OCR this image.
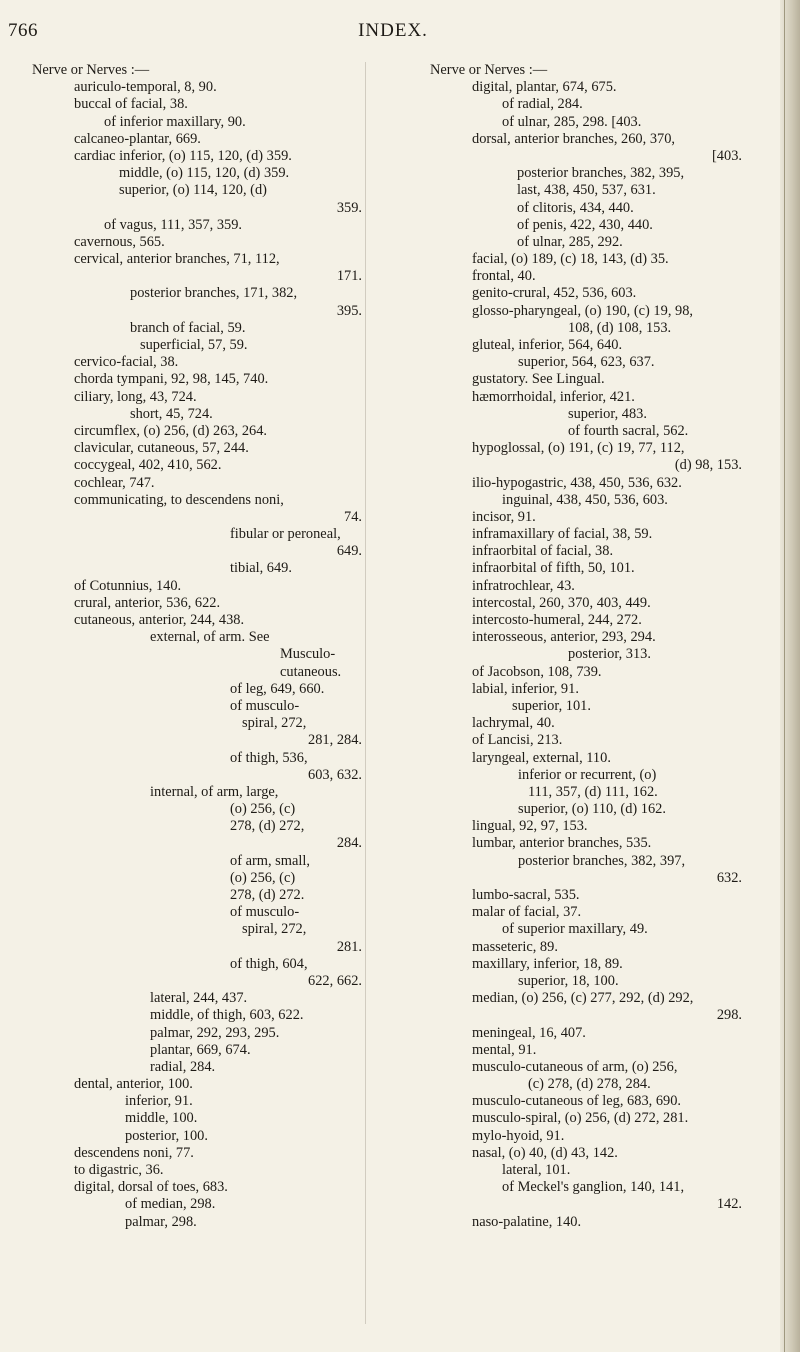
766	INDEX.
Nerve or Nerves :—
auriculo-temporal, 8, 90.
buccal of facial, 38.
of inferior maxillary, 90.
calcaneo-plantar, 669.
cardiac inferior, (o) 115, 120, (d) 359.
middle, (o) 115, 120, (d) 359.
superior, (o) 114, 120, (d)
359.
of vagus, 111, 357, 359.
cavernous, 565.
cervical, anterior branches, 71, 112,
171.
posterior branches, 171, 382,
395.
branch of facial, 59.
superficial, 57, 59.
cervico-facial, 38.
chorda tympani, 92, 98, 145, 740.
ciliary, long, 43, 724.
short, 45, 724.
circumflex, (o) 256, (d) 263, 264.
clavicular, cutaneous, 57, 244.
coccygeal, 402, 410, 562.
cochlear, 747.
communicating, to descendens noni,
74.
fibular or peroneal,
649.
tibial, 649.
of Cotunnius, 140.
crural, anterior, 536, 622.
cutaneous, anterior, 244, 438.
external, of arm. See
Musculo-
cutaneous.
of leg, 649, 660.
of musculo-
spiral, 272,
281, 284.
of thigh, 536,
603, 632.
internal, of arm, large,
(o) 256, (c)
278, (d) 272,
284.
of arm, small,
(o) 256, (c)
278, (d) 272.
of musculo-
spiral, 272,
281.
of thigh, 604,
622, 662.
lateral, 244, 437.
middle, of thigh, 603, 622.
palmar, 292, 293, 295.
plantar, 669, 674.
radial, 284.
dental, anterior, 100.
inferior, 91.
middle, 100.
posterior, 100.
descendens noni, 77.
to digastric, 36.
digital, dorsal of toes, 683.
of median, 298.
palmar, 298.
Nerve or Nerves :—
digital, plantar, 674, 675.
of radial, 284.
of ulnar, 285, 298. [403.
dorsal, anterior branches, 260, 370,
[403.
posterior branches, 382, 395,
last, 438, 450, 537, 631.
of clitoris, 434, 440.
of penis, 422, 430, 440.
of ulnar, 285, 292.
facial, (o) 189, (c) 18, 143, (d) 35.
frontal, 40.
genito-crural, 452, 536, 603.
glosso-pharyngeal, (o) 190, (c) 19, 98,
108, (d) 108, 153.
gluteal, inferior, 564, 640.
superior, 564, 623, 637.
gustatory. See Lingual.
hæmorrhoidal, inferior, 421.
superior, 483.
of fourth sacral, 562.
hypoglossal, (o) 191, (c) 19, 77, 112,
(d) 98, 153.
ilio-hypogastric, 438, 450, 536, 632.
inguinal, 438, 450, 536, 603.
incisor, 91.
inframaxillary of facial, 38, 59.
infraorbital of facial, 38.
infraorbital of fifth, 50, 101.
infratrochlear, 43.
intercostal, 260, 370, 403, 449.
intercosto-humeral, 244, 272.
interosseous, anterior, 293, 294.
posterior, 313.
of Jacobson, 108, 739.
labial, inferior, 91.
superior, 101.
lachrymal, 40.
of Lancisi, 213.
laryngeal, external, 110.
inferior or recurrent, (o)
111, 357, (d) 111, 162.
superior, (o) 110, (d) 162.
lingual, 92, 97, 153.
lumbar, anterior branches, 535.
posterior branches, 382, 397,
632.
lumbo-sacral, 535.
malar of facial, 37.
of superior maxillary, 49.
masseteric, 89.
maxillary, inferior, 18, 89.
superior, 18, 100.
median, (o) 256, (c) 277, 292, (d) 292,
298.
meningeal, 16, 407.
mental, 91.
musculo-cutaneous of arm, (o) 256,
(c) 278, (d) 278, 284.
musculo-cutaneous of leg, 683, 690.
musculo-spiral, (o) 256, (d) 272, 281.
mylo-hyoid, 91.
nasal, (o) 40, (d) 43, 142.
lateral, 101.
of Meckel's ganglion, 140, 141,
142.
naso-palatine, 140.
